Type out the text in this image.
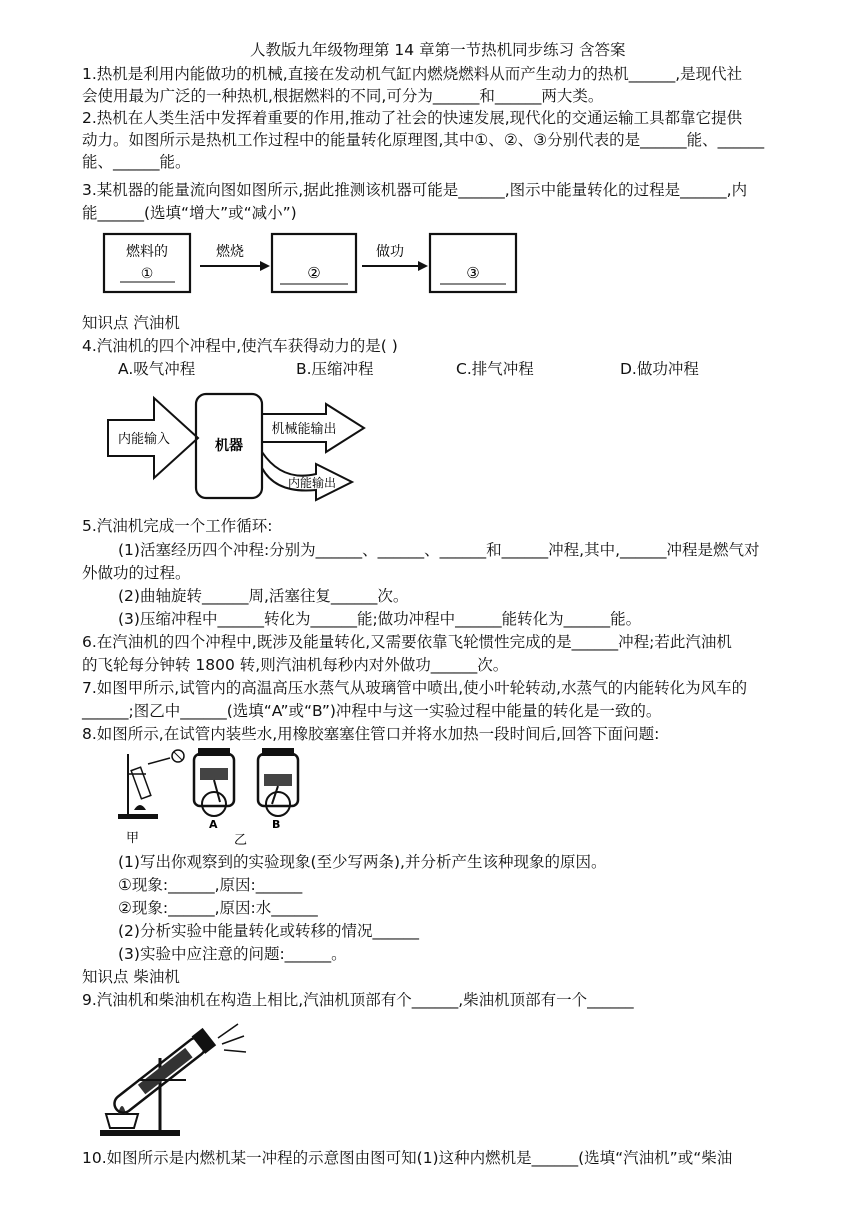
人教版九年级物理第 14 章第一节热机同步练习 含答案
1.热机是利用内能做功的机械,直接在发动机气缸内燃烧燃料从而产生动力的热机______,是现代社
会使用最为广泛的一种热机,根据燃料的不同,可分为______和______两大类。
2.热机在人类生活中发挥着重要的作用,推动了社会的快速发展,现代化的交通运输工具都靠它提供
动力。如图所示是热机工作过程中的能量转化原理图,其中①、②、③分别代表的是______能、______
能、______能。
3.某机器的能量流向图如图所示,据此推测该机器可能是______,图示中能量转化的过程是______,内
能______(选填“增大”或“减小”)
燃料的
①
燃烧
②
做功
③
知识点 汽油机
4.汽油机的四个冲程中,使汽车获得动力的是( )
A.吸气冲程	B.压缩冲程	C.排气冲程	D.做功冲程
内能输入	机器
机械能输出
内能输出
5.汽油机完成一个工作循环:
(1)活塞经历四个冲程:分别为______、______、______和______冲程,其中,______冲程是燃气对
外做功的过程。
(2)曲轴旋转______周,活塞往复______次。
(3)压缩冲程中______转化为______能;做功冲程中______能转化为______能。
6.在汽油机的四个冲程中,既涉及能量转化,又需要依靠飞轮惯性完成的是______冲程;若此汽油机
的飞轮每分钟转 1800 转,则汽油机每秒内对外做功______次。
7.如图甲所示,试管内的高温高压水蒸气从玻璃管中喷出,使小叶轮转动,水蒸气的内能转化为风车的
______;图乙中______(选填“A”或“B”)冲程中与这一实验过程中能量的转化是一致的。
8.如图所示,在试管内装些水,用橡胶塞塞住管口并将水加热一段时间后,回答下面问题:
甲
A	B
乙
(1)写出你观察到的实验现象(至少写两条),并分析产生该种现象的原因。
①现象:______,原因:______
②现象:______,原因:水______
(2)分析实验中能量转化或转移的情况______
(3)实验中应注意的问题:______。
知识点 柴油机
9.汽油机和柴油机在构造上相比,汽油机顶部有个______,柴油机顶部有一个______
10.如图所示是内燃机某一冲程的示意图由图可知(1)这种内燃机是______(选填“汽油机”或“柴油
